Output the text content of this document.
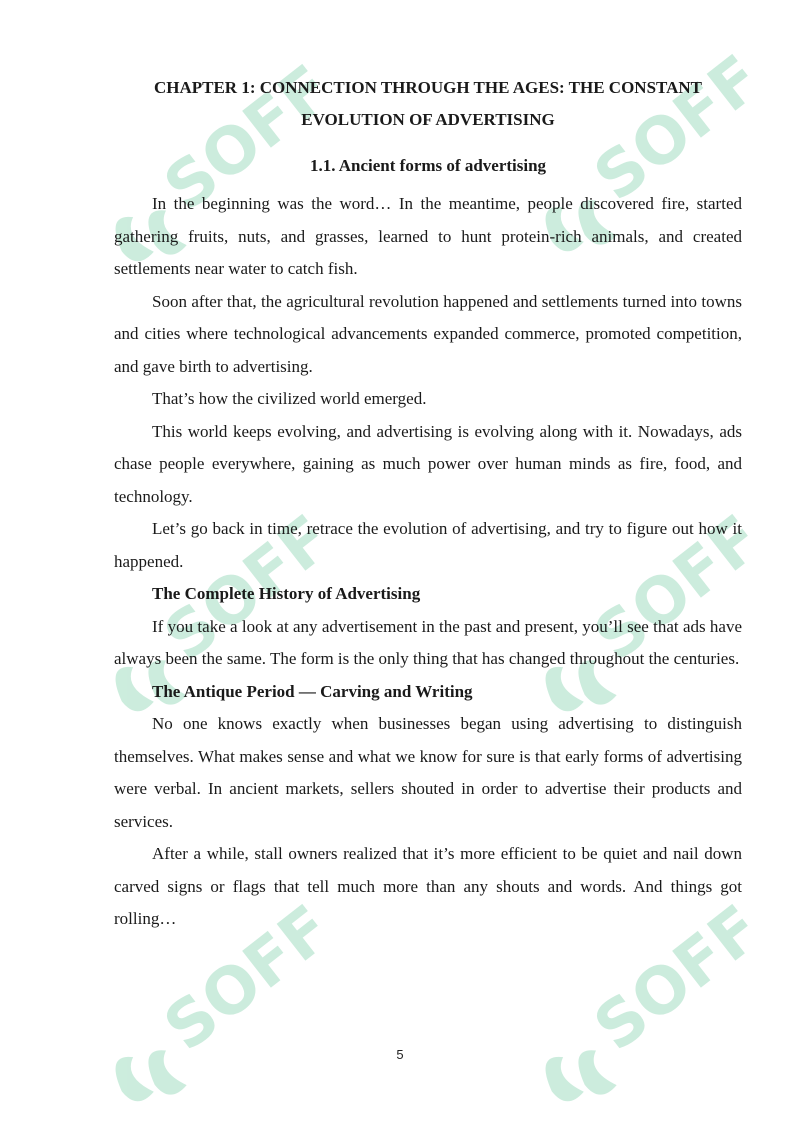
SOFF	SOFF
SOFF	SOFF
SOFF	SOFF
CHAPTER 1: CONNECTION THROUGH THE AGES: THE CONSTANT EVOLUTION OF ADVERTISING
1.1. Ancient forms of advertising

In the beginning was the word… In the meantime, people discovered fire, started gathering fruits, nuts, and grasses, learned to hunt protein-rich animals, and created settlements near water to catch fish.

Soon after that, the agricultural revolution happened and settlements turned into towns and cities where technological advancements expanded commerce, promoted competition, and gave birth to advertising.

That’s how the civilized world emerged.

This world keeps evolving, and advertising is evolving along with it. Nowadays, ads chase people everywhere, gaining as much power over human minds as fire, food, and technology.

Let’s go back in time, retrace the evolution of advertising, and try to figure out how it happened.

The Complete History of Advertising

If you take a look at any advertisement in the past and present, you’ll see that ads have always been the same. The form is the only thing that has changed throughout the centuries.

The Antique Period — Carving and Writing

No one knows exactly when businesses began using advertising to distinguish themselves. What makes sense and what we know for sure is that early forms of advertising were verbal. In ancient markets, sellers shouted in order to advertise their products and services.

After a while, stall owners realized that it’s more efficient to be quiet and nail down carved signs or flags that tell much more than any shouts and words. And things got rolling…

5
